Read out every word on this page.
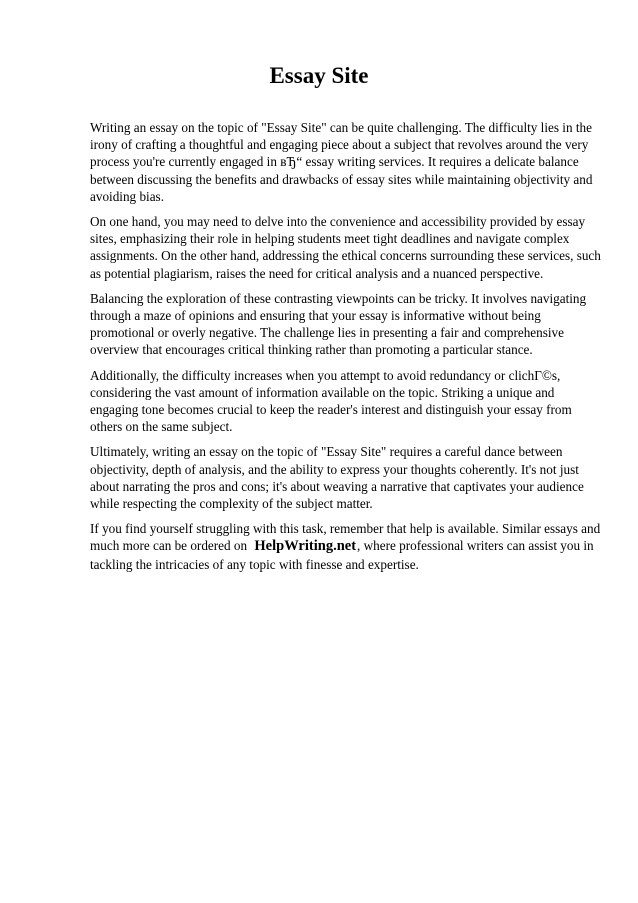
Essay Site

Writing an essay on the topic of "Essay Site" can be quite challenging. The difficulty lies in the
irony of crafting a thoughtful and engaging piece about a subject that revolves around the very
process you're currently engaged in вЂ“ essay writing services. It requires a delicate balance
between discussing the benefits and drawbacks of essay sites while maintaining objectivity and
avoiding bias.

On one hand, you may need to delve into the convenience and accessibility provided by essay
sites, emphasizing their role in helping students meet tight deadlines and navigate complex
assignments. On the other hand, addressing the ethical concerns surrounding these services, such
as potential plagiarism, raises the need for critical analysis and a nuanced perspective.

Balancing the exploration of these contrasting viewpoints can be tricky. It involves navigating
through a maze of opinions and ensuring that your essay is informative without being
promotional or overly negative. The challenge lies in presenting a fair and comprehensive
overview that encourages critical thinking rather than promoting a particular stance.

Additionally, the difficulty increases when you attempt to avoid redundancy or clichГ©s,
considering the vast amount of information available on the topic. Striking a unique and
engaging tone becomes crucial to keep the reader's interest and distinguish your essay from
others on the same subject.

Ultimately, writing an essay on the topic of "Essay Site" requires a careful dance between
objectivity, depth of analysis, and the ability to express your thoughts coherently. It's not just
about narrating the pros and cons; it's about weaving a narrative that captivates your audience
while respecting the complexity of the subject matter.

If you find yourself struggling with this task, remember that help is available. Similar essays and
much more can be ordered on HelpWriting.net, where professional writers can assist you in
tackling the intricacies of any topic with finesse and expertise.
